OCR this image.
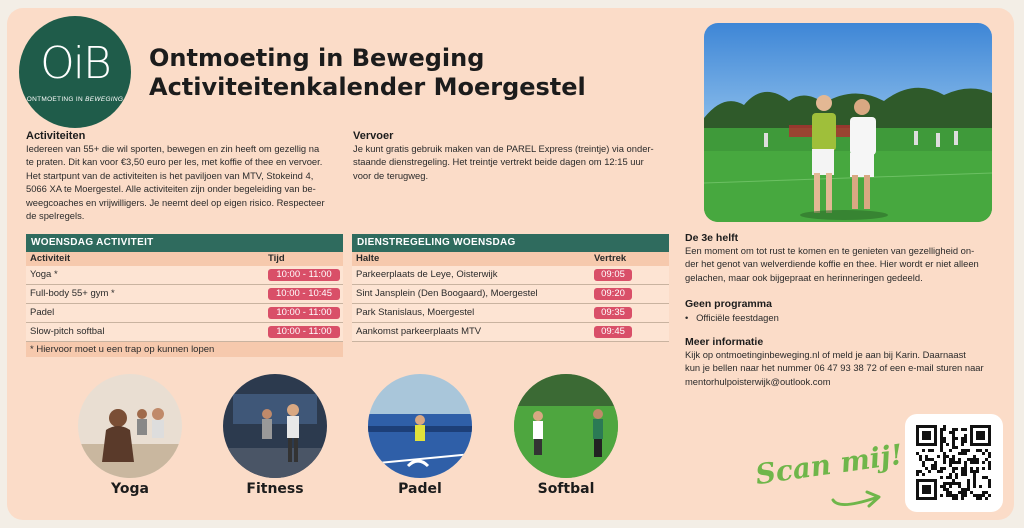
OiB
ONTMOETING IN BEWEGING
Ontmoeting in Beweging
Activiteitenkalender Moergestel
Activiteiten
Iedereen van 55+ die wil sporten, bewegen en zin heeft om gezellig na
te praten. Dit kan voor €3,50 euro per les, met koffie of thee en vervoer.
Het startpunt van de activiteiten is het paviljoen van MTV, Stokeind 4,
5066 XA te Moergestel. Alle activiteiten zijn onder begeleiding van be-
weegcoaches en vrijwilligers. Je neemt deel op eigen risico. Respecteer
de spelregels.
Vervoer
Je kunt gratis gebruik maken van de PAREL Express (treintje) via onder-
staande dienstregeling. Het treintje vertrekt beide dagen om 12:15 uur
voor de terugweg.
WOENSDAG ACTIVITEIT
Activiteit	Tijd
Yoga *	10:00 - 11:00
Full-body 55+ gym *	10:00 - 10:45
Padel	10:00 - 11:00
Slow-pitch softbal	10:00 - 11:00
* Hiervoor moet u een trap op kunnen lopen
DIENSTREGELING WOENSDAG
Halte	Vertrek
Parkeerplaats de Leye, Oisterwijk	09:05
Sint Jansplein (Den Boogaard), Moergestel	09:20
Park Stanislaus, Moergestel	09:35
Aankomst parkeerplaats MTV	09:45
De 3e helft
Een moment om tot rust te komen en te genieten van gezelligheid on-
der het genot van welverdiende koffie en thee. Hier wordt er niet alleen
gelachen, maar ook bijgepraat en herinneringen gedeeld.
Geen programma
•   Officiële feestdagen
Meer informatie
Kijk op ontmoetinginbeweging.nl of meld je aan bij Karin. Daarnaast
kun je bellen naar het nummer 06 47 93 38 72 of een e-mail sturen naar
mentorhulpoisterwijk@outlook.com
Yoga	Fitness	Padel	Softbal	Scan mij!
